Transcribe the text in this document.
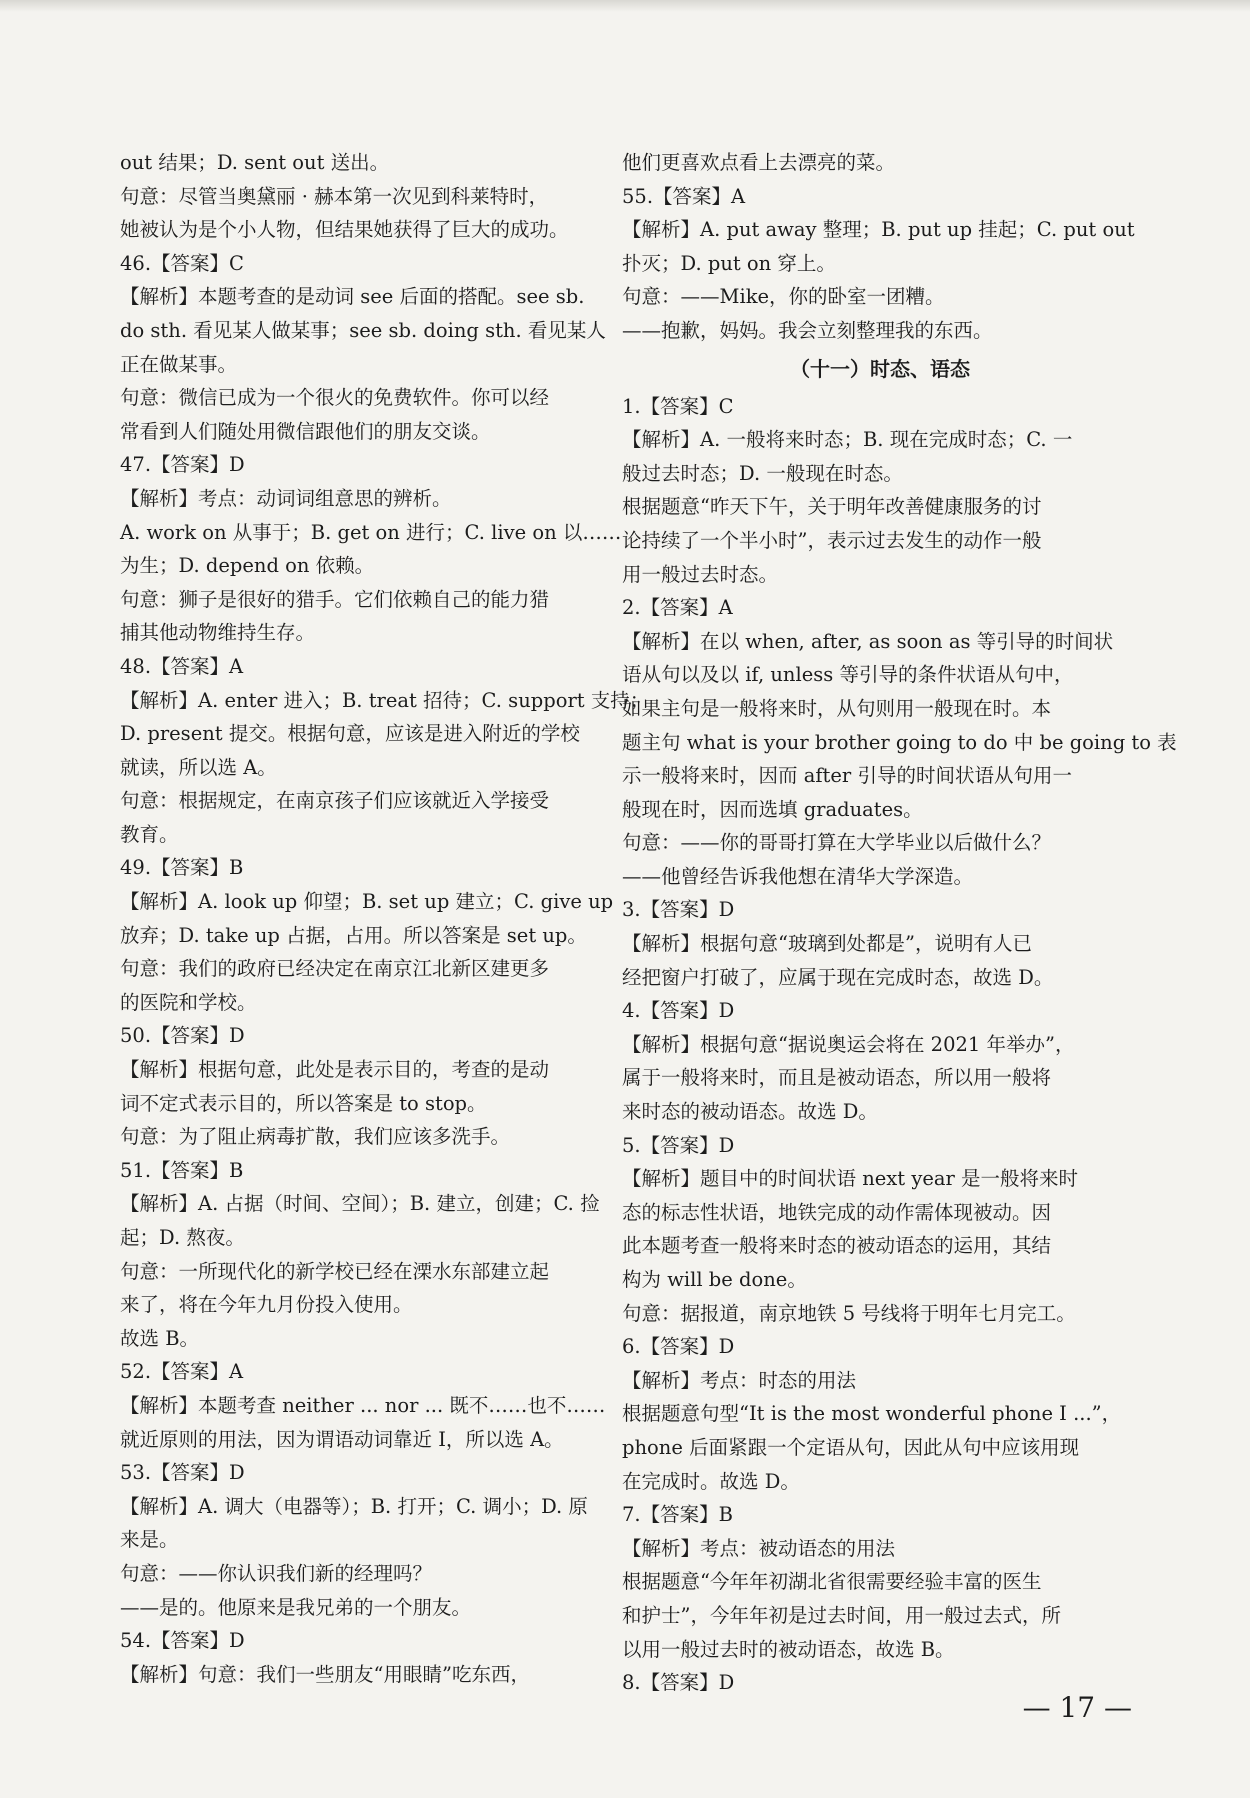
out 结果；D. sent out 送出。
句意：尽管当奥黛丽 · 赫本第一次见到科莱特时，
她被认为是个小人物，但结果她获得了巨大的成功。
46.【答案】C
【解析】本题考查的是动词 see 后面的搭配。see sb.
do sth. 看见某人做某事；see sb. doing sth. 看见某人
正在做某事。
句意：微信已成为一个很火的免费软件。你可以经
常看到人们随处用微信跟他们的朋友交谈。
47.【答案】D
【解析】考点：动词词组意思的辨析。
A. work on 从事于；B. get on 进行；C. live on 以……
为生；D. depend on 依赖。
句意：狮子是很好的猎手。它们依赖自己的能力猎
捕其他动物维持生存。
48.【答案】A
【解析】A. enter 进入；B. treat 招待；C. support 支持；
D. present 提交。根据句意，应该是进入附近的学校
就读，所以选 A。
句意：根据规定，在南京孩子们应该就近入学接受
教育。
49.【答案】B
【解析】A. look up 仰望；B. set up 建立；C. give up
放弃；D. take up 占据，占用。所以答案是 set up。
句意：我们的政府已经决定在南京江北新区建更多
的医院和学校。
50.【答案】D
【解析】根据句意，此处是表示目的，考查的是动
词不定式表示目的，所以答案是 to stop。
句意：为了阻止病毒扩散，我们应该多洗手。
51.【答案】B
【解析】A. 占据（时间、空间）；B. 建立，创建；C. 捡
起；D. 熬夜。
句意：一所现代化的新学校已经在溧水东部建立起
来了，将在今年九月份投入使用。
故选 B。
52.【答案】A
【解析】本题考查 neither ... nor ... 既不……也不……
就近原则的用法，因为谓语动词靠近 I，所以选 A。
53.【答案】D
【解析】A. 调大（电器等）；B. 打开；C. 调小；D. 原
来是。
句意：——你认识我们新的经理吗？
——是的。他原来是我兄弟的一个朋友。
54.【答案】D
【解析】句意：我们一些朋友“用眼睛”吃东西，
他们更喜欢点看上去漂亮的菜。
55.【答案】A
【解析】A. put away 整理；B. put up 挂起；C. put out
扑灭；D. put on 穿上。
句意：——Mike，你的卧室一团糟。
——抱歉，妈妈。我会立刻整理我的东西。
（十一）时态、语态
1.【答案】C
【解析】A. 一般将来时态；B. 现在完成时态；C. 一
般过去时态；D. 一般现在时态。
根据题意“昨天下午，关于明年改善健康服务的讨
论持续了一个半小时”，表示过去发生的动作一般
用一般过去时态。
2.【答案】A
【解析】在以 when, after, as soon as 等引导的时间状
语从句以及以 if, unless 等引导的条件状语从句中，
如果主句是一般将来时，从句则用一般现在时。本
题主句 what is your brother going to do 中 be going to 表
示一般将来时，因而 after 引导的时间状语从句用一
般现在时，因而选填 graduates。
句意：——你的哥哥打算在大学毕业以后做什么？
——他曾经告诉我他想在清华大学深造。
3.【答案】D
【解析】根据句意“玻璃到处都是”，说明有人已
经把窗户打破了，应属于现在完成时态，故选 D。
4.【答案】D
【解析】根据句意“据说奥运会将在 2021 年举办”，
属于一般将来时，而且是被动语态，所以用一般将
来时态的被动语态。故选 D。
5.【答案】D
【解析】题目中的时间状语 next year 是一般将来时
态的标志性状语，地铁完成的动作需体现被动。因
此本题考查一般将来时态的被动语态的运用，其结
构为 will be done。
句意：据报道，南京地铁 5 号线将于明年七月完工。
6.【答案】D
【解析】考点：时态的用法
根据题意句型“It is the most wonderful phone I ...”，
phone 后面紧跟一个定语从句，因此从句中应该用现
在完成时。故选 D。
7.【答案】B
【解析】考点：被动语态的用法
根据题意“今年年初湖北省很需要经验丰富的医生
和护士”，今年年初是过去时间，用一般过去式，所
以用一般过去时的被动语态，故选 B。
8.【答案】D
— 17 —
